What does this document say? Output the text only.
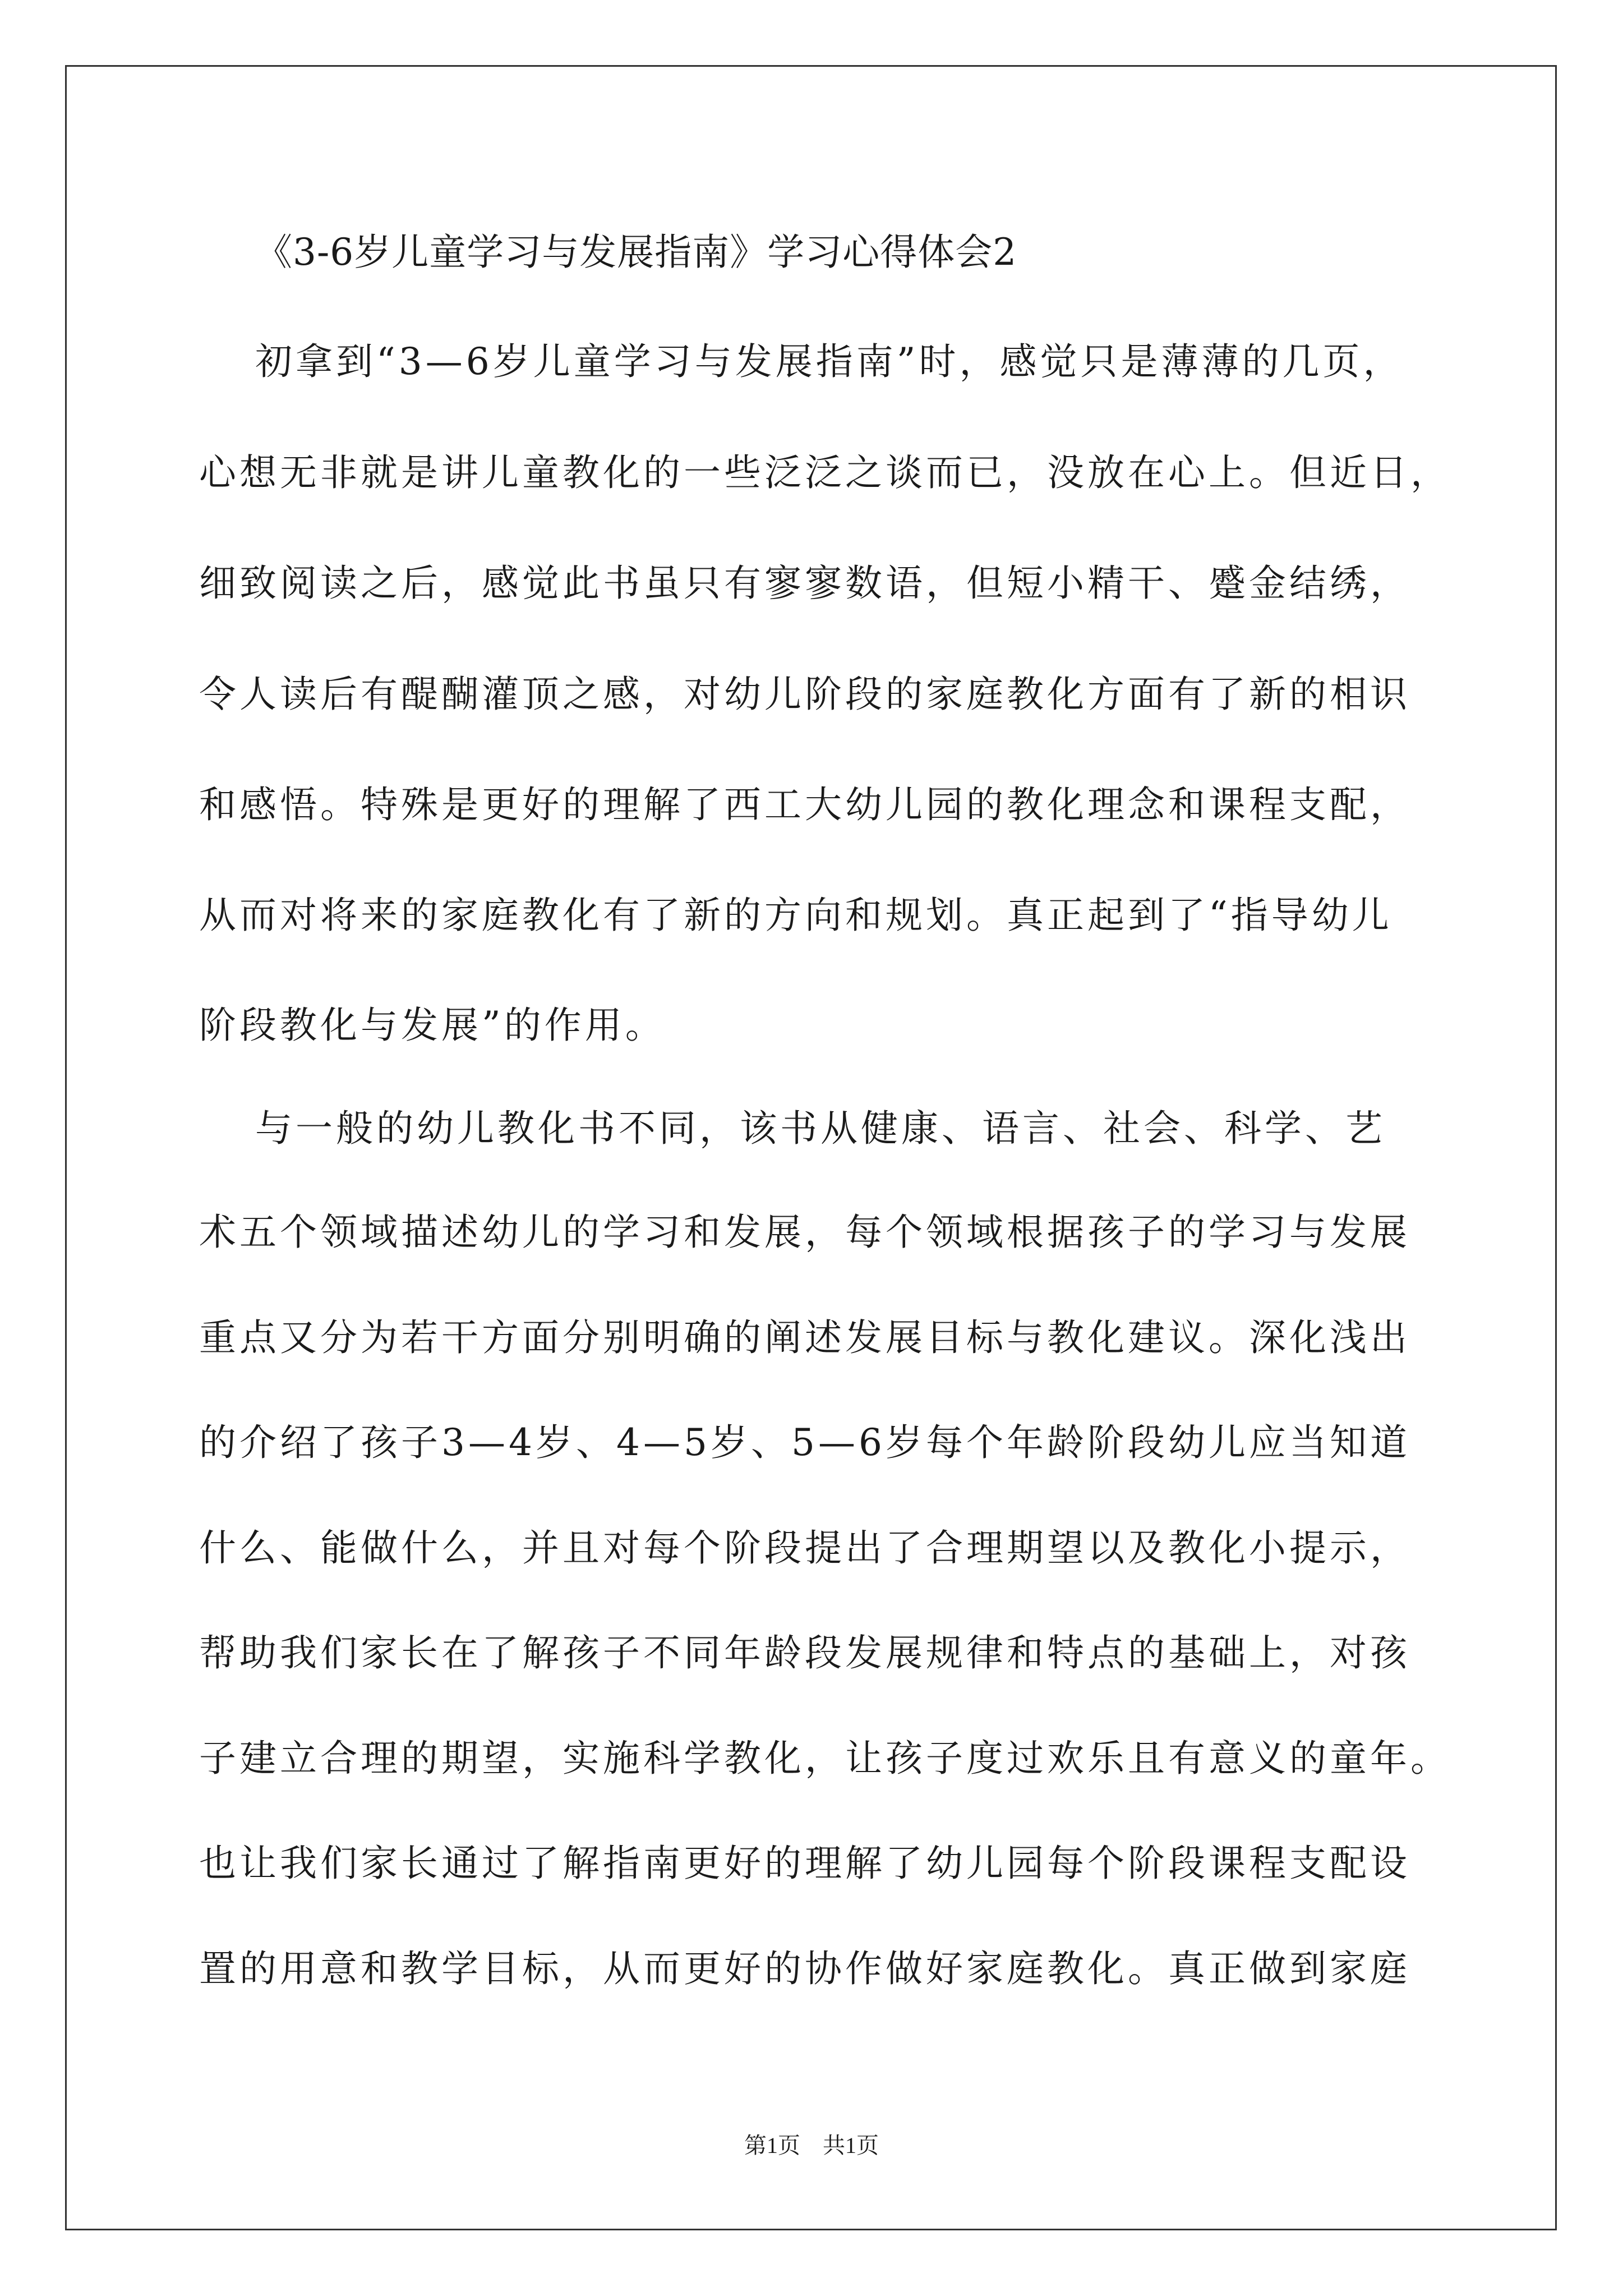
《3-6岁儿童学习与发展指南》学习心得体会2
初拿到“3—6岁儿童学习与发展指南”时，感觉只是薄薄的几页，
心想无非就是讲儿童教化的一些泛泛之谈而已，没放在心上。但近日，
细致阅读之后，感觉此书虽只有寥寥数语，但短小精干、蹙金结绣，
令人读后有醍醐灌顶之感，对幼儿阶段的家庭教化方面有了新的相识
和感悟。特殊是更好的理解了西工大幼儿园的教化理念和课程支配，
从而对将来的家庭教化有了新的方向和规划。真正起到了“指导幼儿
阶段教化与发展”的作用。
与一般的幼儿教化书不同，该书从健康、语言、社会、科学、艺
术五个领域描述幼儿的学习和发展，每个领域根据孩子的学习与发展
重点又分为若干方面分别明确的阐述发展目标与教化建议。深化浅出
的介绍了孩子3—4岁、4—5岁、5—6岁每个年龄阶段幼儿应当知道
什么、能做什么，并且对每个阶段提出了合理期望以及教化小提示，
帮助我们家长在了解孩子不同年龄段发展规律和特点的基础上，对孩
子建立合理的期望，实施科学教化，让孩子度过欢乐且有意义的童年。
也让我们家长通过了解指南更好的理解了幼儿园每个阶段课程支配设
置的用意和教学目标，从而更好的协作做好家庭教化。真正做到家庭
第1页　共1页
